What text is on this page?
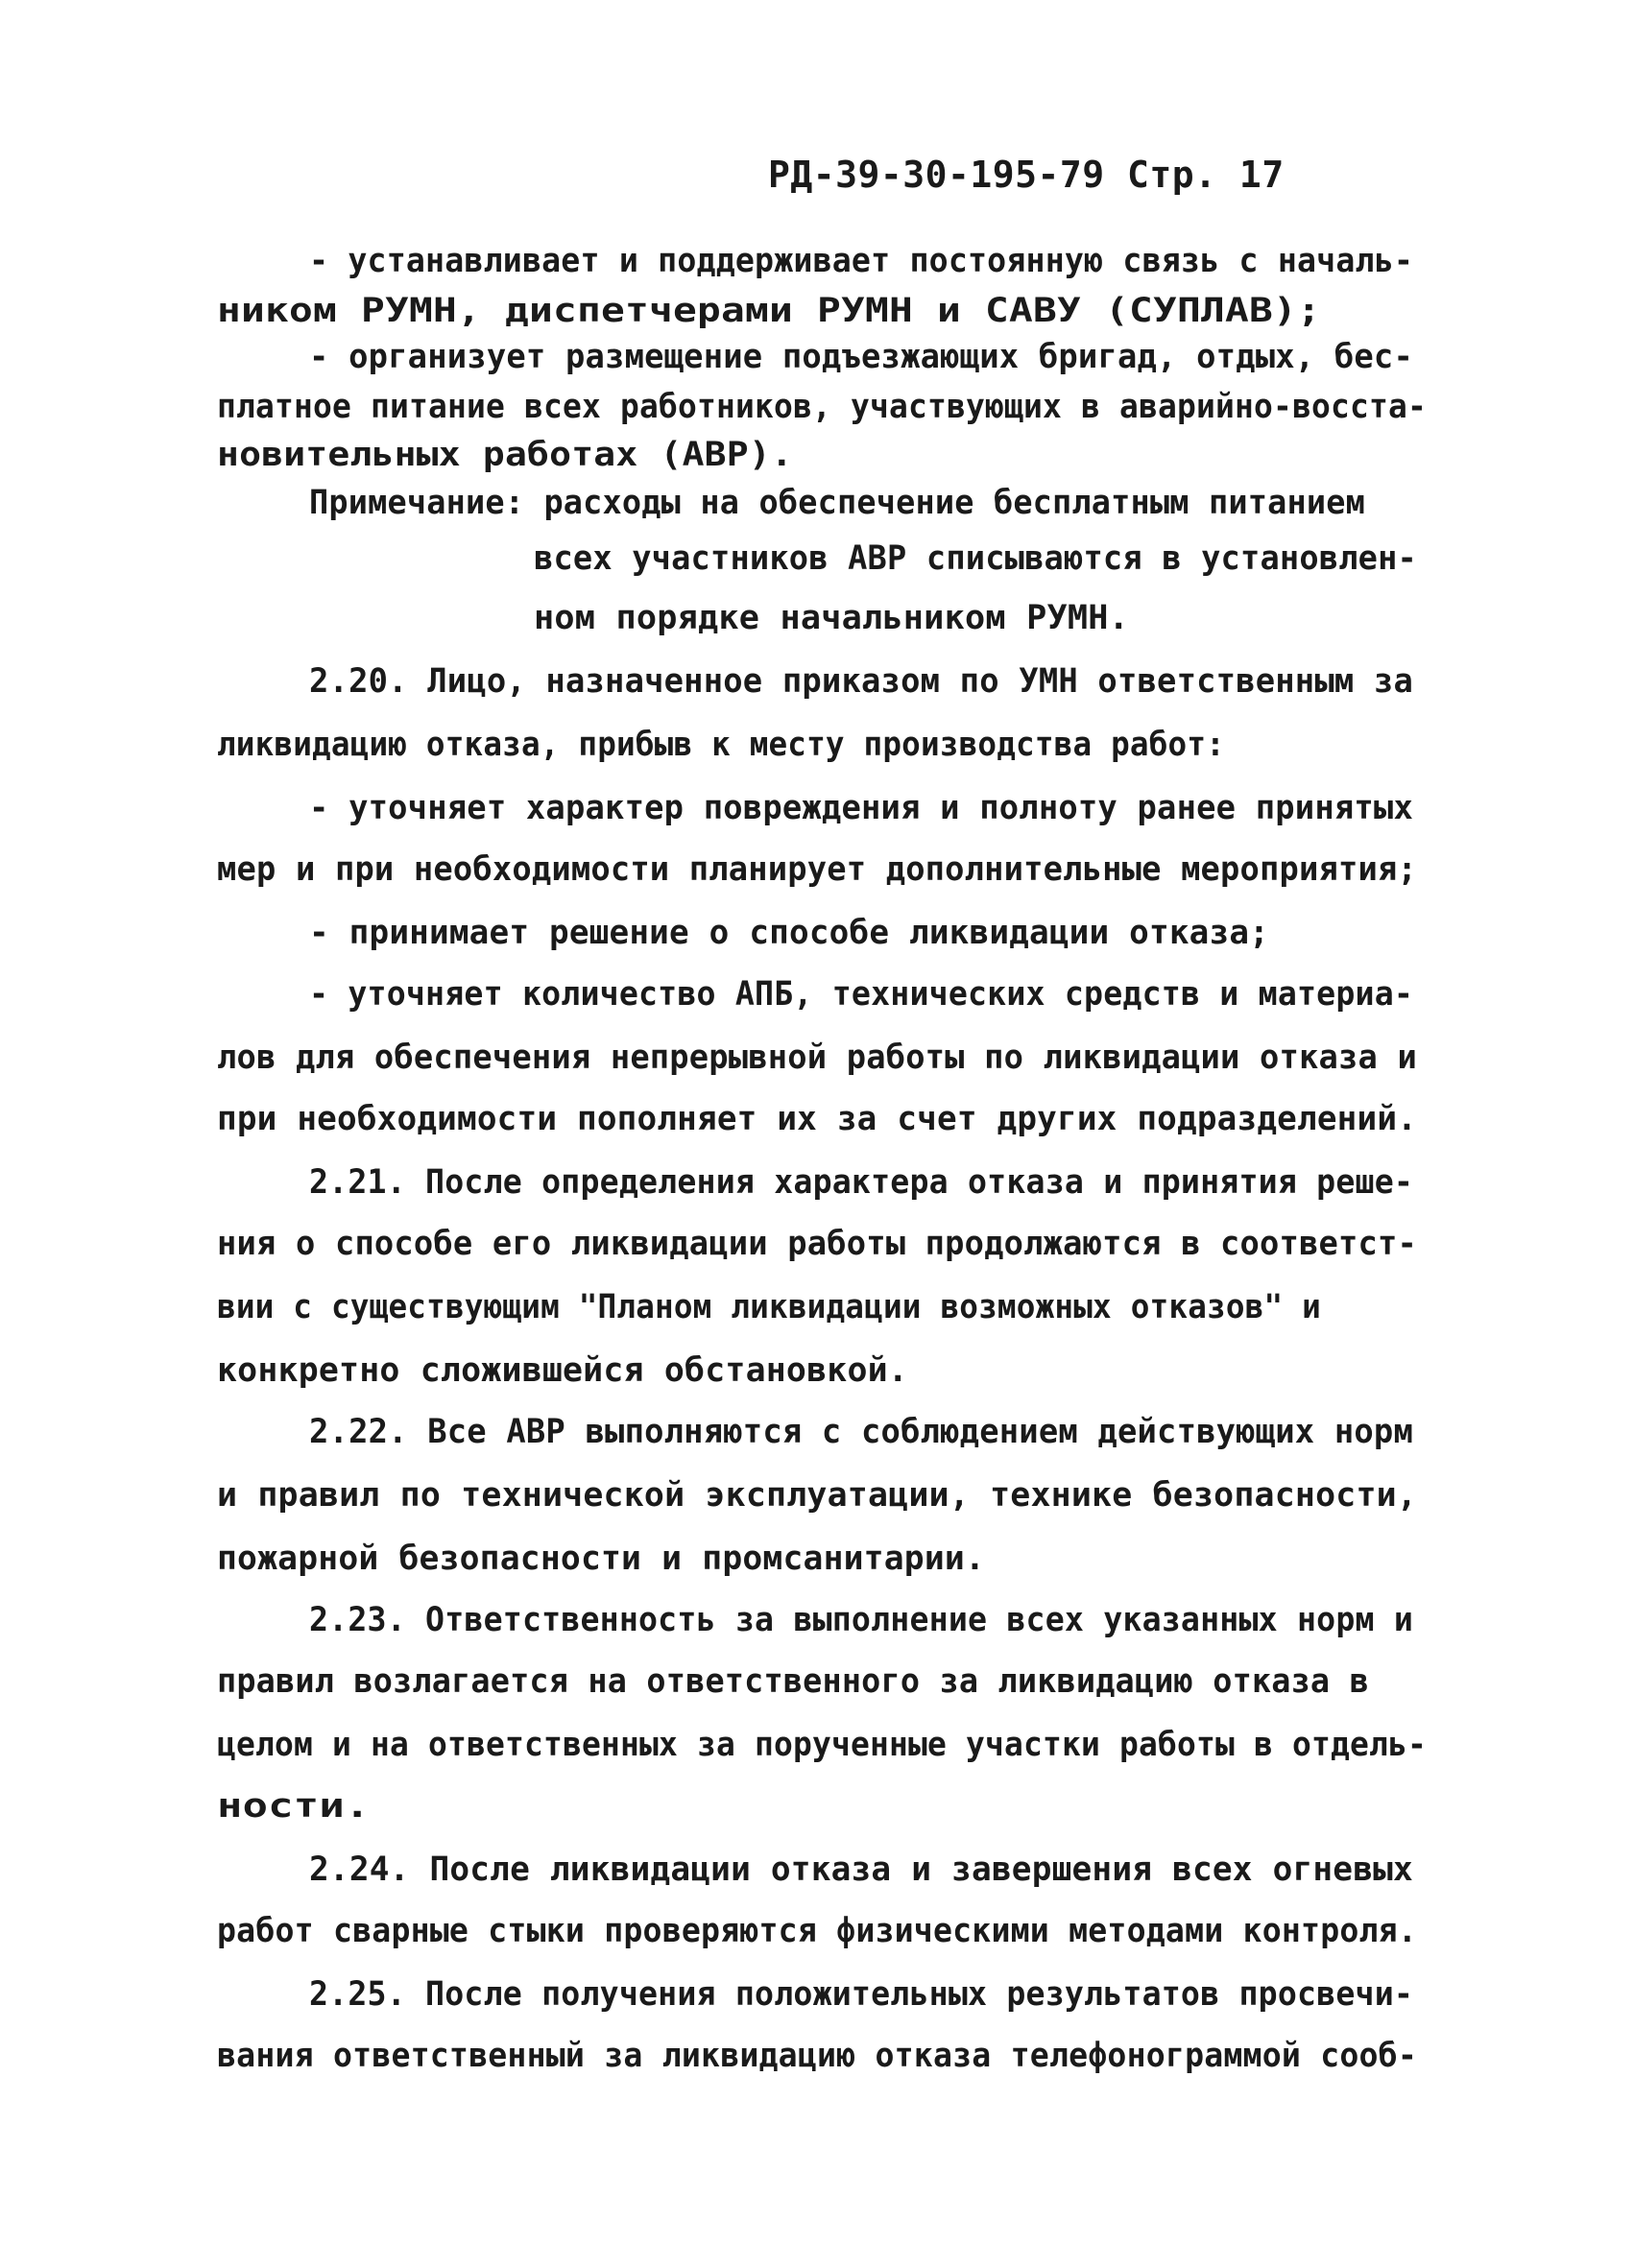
РД-39-30-195-79 Стр. 17
- устанавливает и поддерживает постоянную связь с началь-
ником РУМН, диспетчерами РУМН и САВУ (СУПЛАВ);
- организует размещение подъезжающих бригад, отдых, бес-
платное питание всех работников, участвующих в аварийно-восста-
новительных работах (АВР).
Примечание: расходы на обеспечение бесплатным питанием
всех участников АВР списываются в установлен-
ном порядке начальником РУМН.
2.20. Лицо, назначенное приказом по УМН ответственным за
ликвидацию отказа, прибыв к месту производства работ:
- уточняет характер повреждения и полноту ранее принятых
мер и при необходимости планирует дополнительные мероприятия;
- принимает решение о способе ликвидации отказа;
- уточняет количество АПБ, технических средств и материа-
лов для обеспечения непрерывной работы по ликвидации отказа и
при необходимости пополняет их за счет других подразделений.
2.21. После определения характера отказа и принятия реше-
ния о способе его ликвидации работы продолжаются в соответст-
вии с существующим "Планом ликвидации возможных отказов" и
конкретно сложившейся обстановкой.
2.22. Все АВР выполняются с соблюдением действующих норм
и правил по технической эксплуатации, технике безопасности,
пожарной безопасности и промсанитарии.
2.23. Ответственность за выполнение всех указанных норм и
правил возлагается на ответственного за ликвидацию отказа в
целом и на ответственных за порученные участки работы в отдель-
ности.
2.24. После ликвидации отказа и завершения всех огневых
работ сварные стыки проверяются физическими методами контроля.
2.25. После получения положительных результатов просвечи-
вания ответственный за ликвидацию отказа телефонограммой сооб-
